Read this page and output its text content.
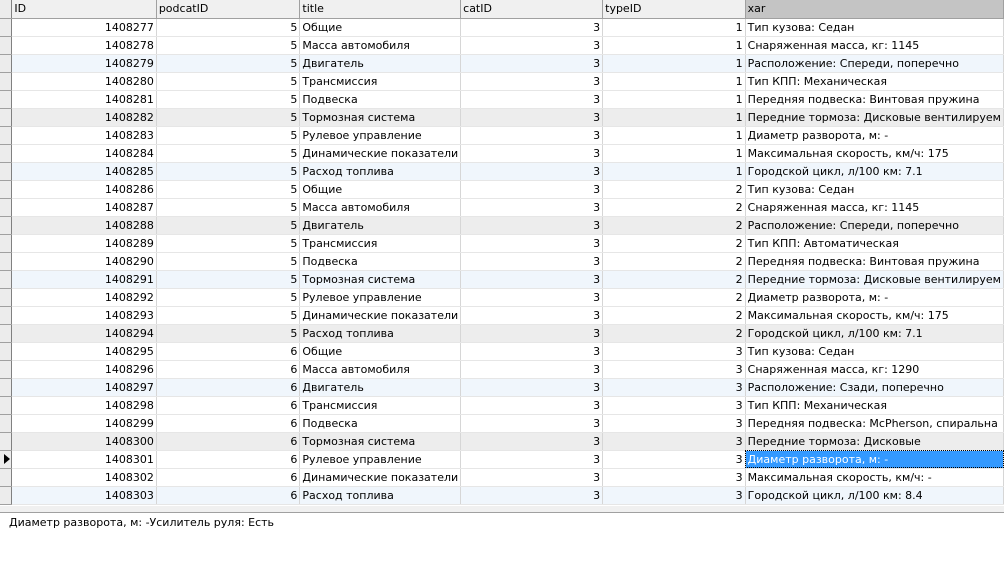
	ID	podcatID	title	catID	typeID	xar
	1408277	5	Общие	3	1	Тип кузова: Седан
	1408278	5	Масса автомобиля	3	1	Снаряженная масса, кг: 1145
	1408279	5	Двигатель	3	1	Расположение: Спереди, поперечно
	1408280	5	Трансмиссия	3	1	Тип КПП: Механическая
	1408281	5	Подвеска	3	1	Передняя подвеска: Винтовая пружина
	1408282	5	Тормозная система	3	1	Передние тормоза: Дисковые вентилируем
	1408283	5	Рулевое управление	3	1	Диаметр разворота, м: -
	1408284	5	Динамические показатели	3	1	Максимальная скорость, км/ч: 175
	1408285	5	Расход топлива	3	1	Городской цикл, л/100 км: 7.1
	1408286	5	Общие	3	2	Тип кузова: Седан
	1408287	5	Масса автомобиля	3	2	Снаряженная масса, кг: 1145
	1408288	5	Двигатель	3	2	Расположение: Спереди, поперечно
	1408289	5	Трансмиссия	3	2	Тип КПП: Автоматическая
	1408290	5	Подвеска	3	2	Передняя подвеска: Винтовая пружина
	1408291	5	Тормозная система	3	2	Передние тормоза: Дисковые вентилируем
	1408292	5	Рулевое управление	3	2	Диаметр разворота, м: -
	1408293	5	Динамические показатели	3	2	Максимальная скорость, км/ч: 175
	1408294	5	Расход топлива	3	2	Городской цикл, л/100 км: 7.1
	1408295	6	Общие	3	3	Тип кузова: Седан
	1408296	6	Масса автомобиля	3	3	Снаряженная масса, кг: 1290
	1408297	6	Двигатель	3	3	Расположение: Сзади, поперечно
	1408298	6	Трансмиссия	3	3	Тип КПП: Механическая
	1408299	6	Подвеска	3	3	Передняя подвеска: McPherson, спиральна
	1408300	6	Тормозная система	3	3	Передние тормоза: Дисковые

	1408301	6	Рулевое управление	3	3	Диаметр разворота, м: -
	1408302	6	Динамические показатели	3	3	Максимальная скорость, км/ч: -
	1408303	6	Расход топлива	3	3	Городской цикл, л/100 км: 8.4
Диаметр разворота, м: -Усилитель руля: Есть
